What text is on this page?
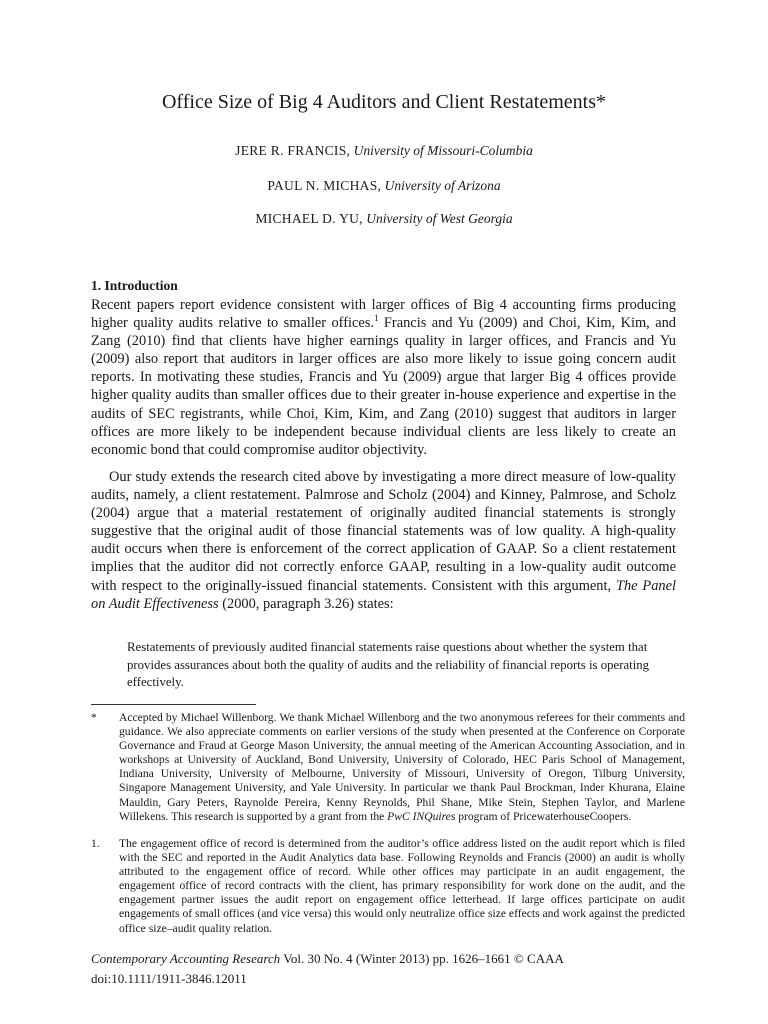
Office Size of Big 4 Auditors and Client Restatements*
JERE R. FRANCIS, University of Missouri-Columbia
PAUL N. MICHAS, University of Arizona
MICHAEL D. YU, University of West Georgia
1. Introduction

Recent papers report evidence consistent with larger offices of Big 4 accounting firms producing higher quality audits relative to smaller offices.$^1$ Francis and Yu (2009) and Choi, Kim, Kim, and Zang (2010) find that clients have higher earnings quality in larger offices, and Francis and Yu (2009) also report that auditors in larger offices are also more likely to issue going concern audit reports. In motivating these studies, Francis and Yu (2009) argue that larger Big 4 offices provide higher quality audits than smaller offices due to their greater in-house experience and expertise in the audits of SEC registrants, while Choi, Kim, Kim, and Zang (2010) suggest that auditors in larger offices are more likely to be independent because individual clients are less likely to create an economic bond that could compromise auditor objectivity.

Our study extends the research cited above by investigating a more direct measure of low-quality audits, namely, a client restatement. Palmrose and Scholz (2004) and Kinney, Palmrose, and Scholz (2004) argue that a material restatement of originally audited financial statements is strongly suggestive that the original audit of those financial statements was of low quality. A high-quality audit occurs when there is enforcement of the correct application of GAAP. So a client restatement implies that the auditor did not correctly enforce GAAP, resulting in a low-quality audit outcome with respect to the originally-issued financial statements. Consistent with this argument, The Panel on Audit Effectiveness (2000, paragraph 3.26) states:

Restatements of previously audited financial statements raise questions about whether the system that provides assurances about both the quality of audits and the reliability of financial reports is operating effectively.
*	Accepted by Michael Willenborg. We thank Michael Willenborg and the two anonymous referees for their comments and guidance. We also appreciate comments on earlier versions of the study when presented at the Conference on Corporate Governance and Fraud at George Mason University, the annual meeting of the American Accounting Association, and in workshops at University of Auckland, Bond University, University of Colorado, HEC Paris School of Management, Indiana University, University of Melbourne, University of Missouri, University of Oregon, Tilburg University, Singapore Management University, and Yale University. In particular we thank Paul Brockman, Inder Khurana, Elaine Mauldin, Gary Peters, Raynolde Pereira, Kenny Reynolds, Phil Shane, Mike Stein, Stephen Taylor, and Marlene Willekens. This research is supported by a grant from the PwC INQuires program of PricewaterhouseCoopers.
1.	The engagement office of record is determined from the auditor’s office address listed on the audit report which is filed with the SEC and reported in the Audit Analytics data base. Following Reynolds and Francis (2000) an audit is wholly attributed to the engagement office of record. While other offices may participate in an audit engagement, the engagement office of record contracts with the client, has primary responsibility for work done on the audit, and the engagement partner issues the audit report on engagement office letterhead. If large offices participate on audit engagements of small offices (and vice versa) this would only neutralize office size effects and work against the predicted office size–audit quality relation.
Contemporary Accounting Research Vol. 30 No. 4 (Winter 2013) pp. 1626–1661 © CAAA
doi:10.1111/1911-3846.12011
